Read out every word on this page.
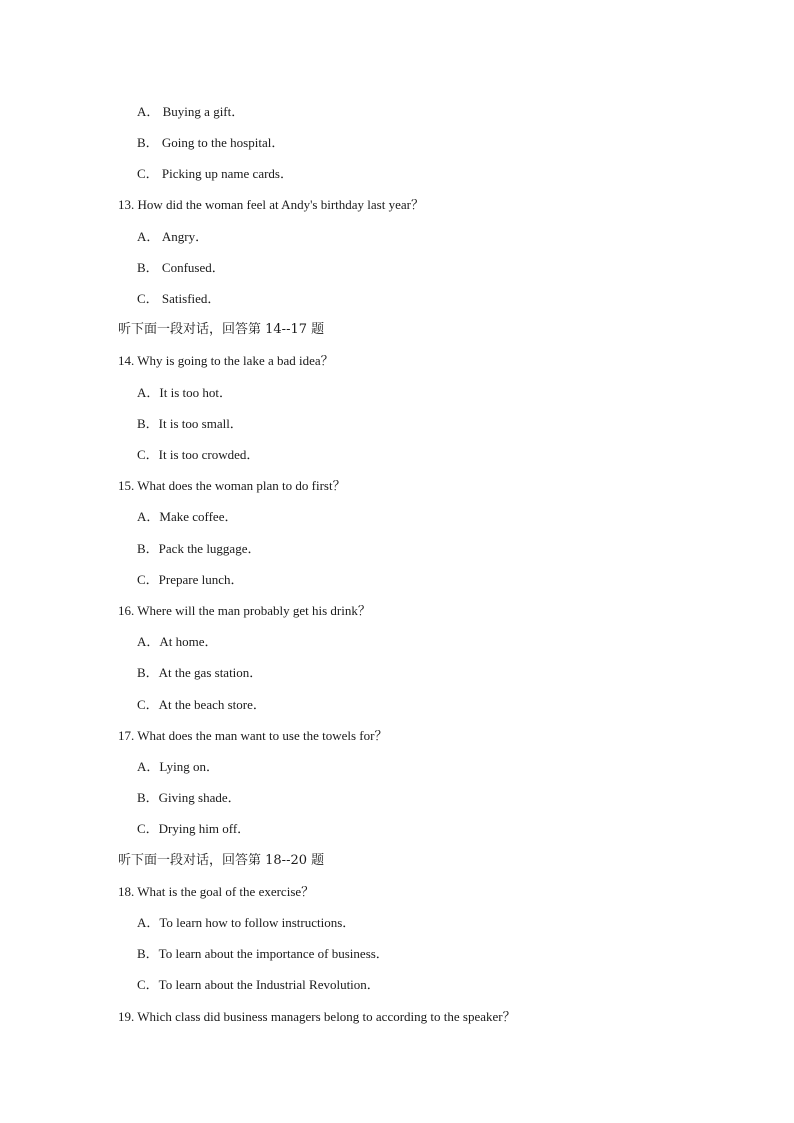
A． Buying a gift．
B． Going to the hospital．
C． Picking up name cards．
13. How did the woman feel at Andy's birthday last year？
A． Angry．
B． Confused．
C． Satisfied．
听下面一段对话，回答第 14--17 题
14. Why is going to the lake a bad idea？
A．It is too hot．
B．It is too small．
C．It is too crowded．
15. What does the woman plan to do first？
A．Make coffee．
B．Pack the luggage．
C．Prepare lunch．
16. Where will the man probably get his drink？
A．At home．
B．At the gas station．
C．At the beach store．
17. What does the man want to use the towels for？
A．Lying on．
B．Giving shade．
C．Drying him off．
听下面一段对话，回答第 18--20 题
18. What is the goal of the exercise？
A．To learn how to follow instructions．
B．To learn about the importance of business．
C．To learn about the Industrial Revolution．
19. Which class did business managers belong to according to the speaker？
